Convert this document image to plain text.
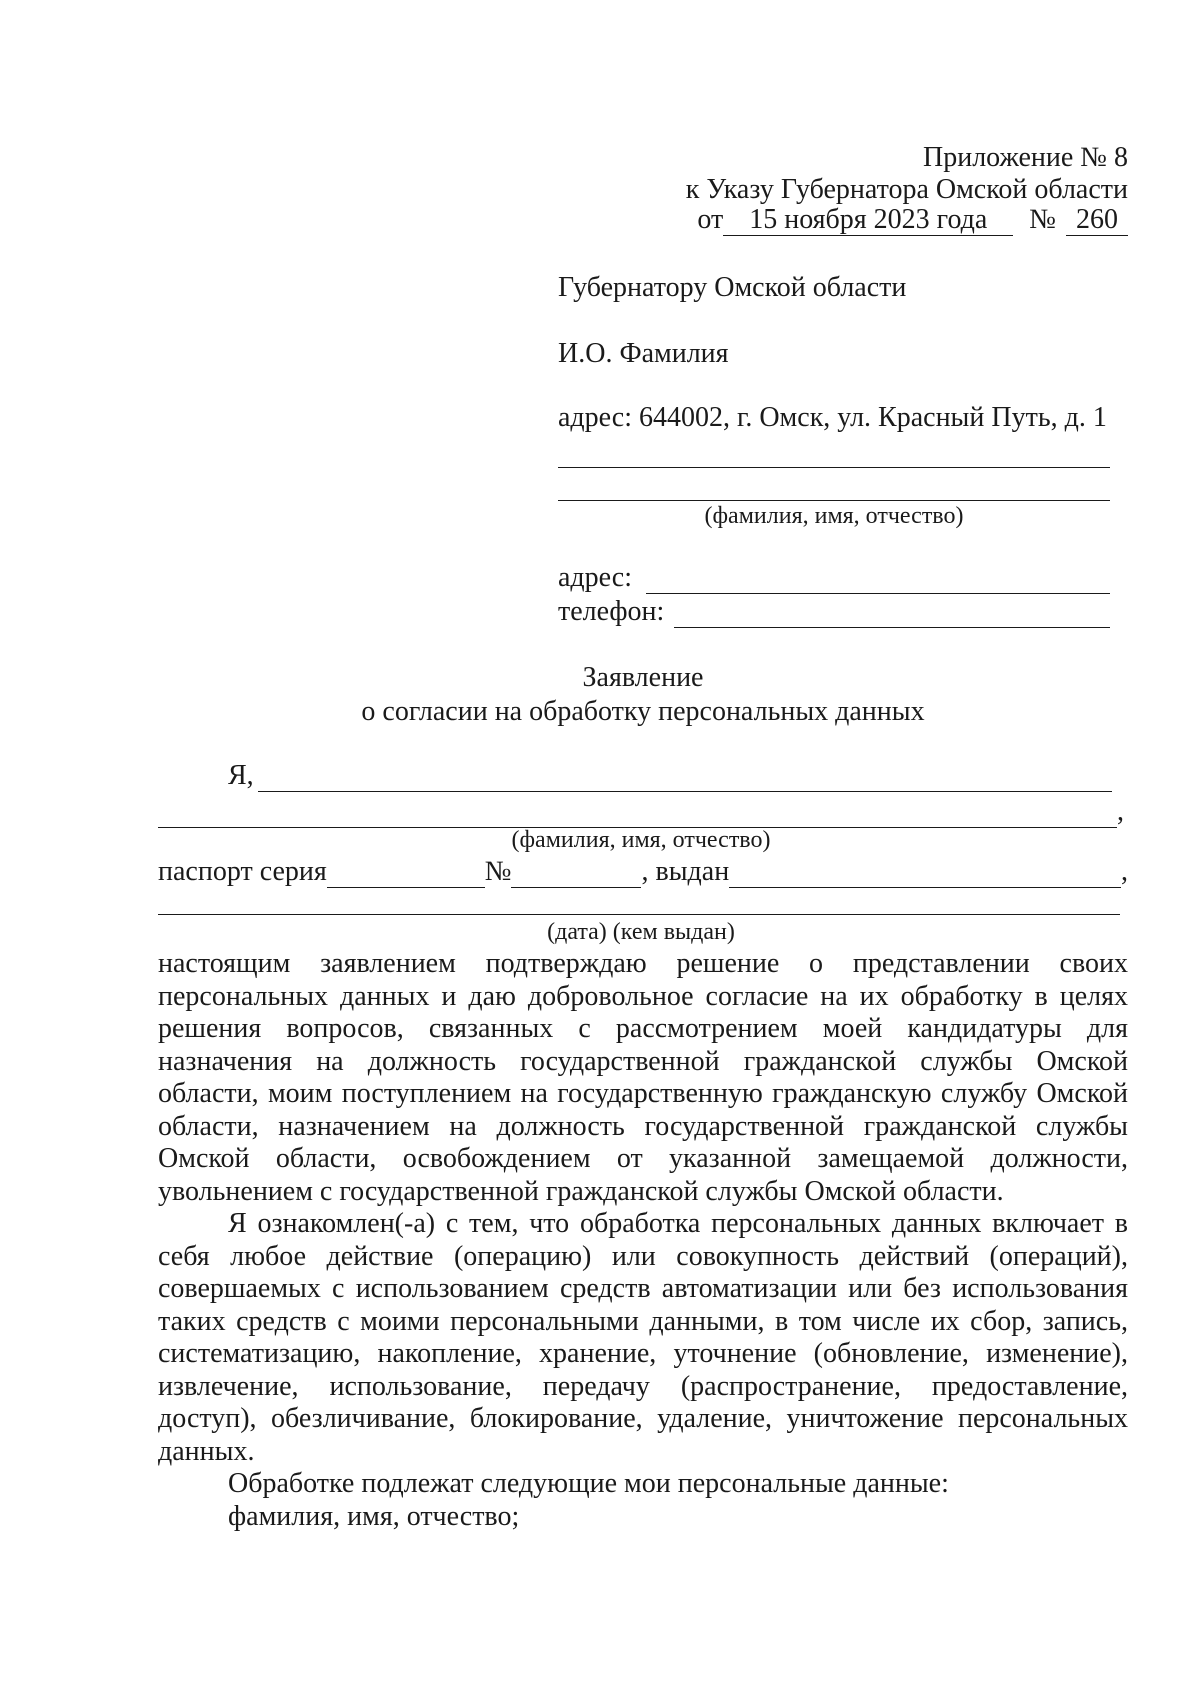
Приложение № 8
к Указу Губернатора Омской области
от 15 ноября 2023 года	№ 260
Губернатору Омской области
И.О. Фамилия
адрес: 644002, г. Омск, ул. Красный Путь, д. 1
(фамилия, имя, отчество)
адрес:
телефон:
Заявление
о согласии на обработку персональных данных
Я,
,
(фамилия, имя, отчество)
паспорт серия	№	, выдан	,
(дата) (кем выдан)

настоящим заявлением подтверждаю решение о представлении своих персональных данных и даю добровольное согласие на их обработку в целях решения вопросов, связанных с рассмотрением моей кандидатуры для назначения на должность государственной гражданской службы Омской области, моим поступлением на государственную гражданскую службу Омской области, назначением на должность государственной гражданской службы Омской области, освобождением от указанной замещаемой должности, увольнением с государственной гражданской службы Омской области.

Я ознакомлен(-а) с тем, что обработка персональных данных включает в себя любое действие (операцию) или совокупность действий (операций), совершаемых с использованием средств автоматизации или без использования таких средств с моими персональными данными, в том числе их сбор, запись, систематизацию, накопление, хранение, уточнение (обновление, изменение), извлечение, использование, передачу (распространение, предоставление, доступ), обезличивание, блокирование, удаление, уничтожение персональных данных.

Обработке подлежат следующие мои персональные данные:

фамилия, имя, отчество;
